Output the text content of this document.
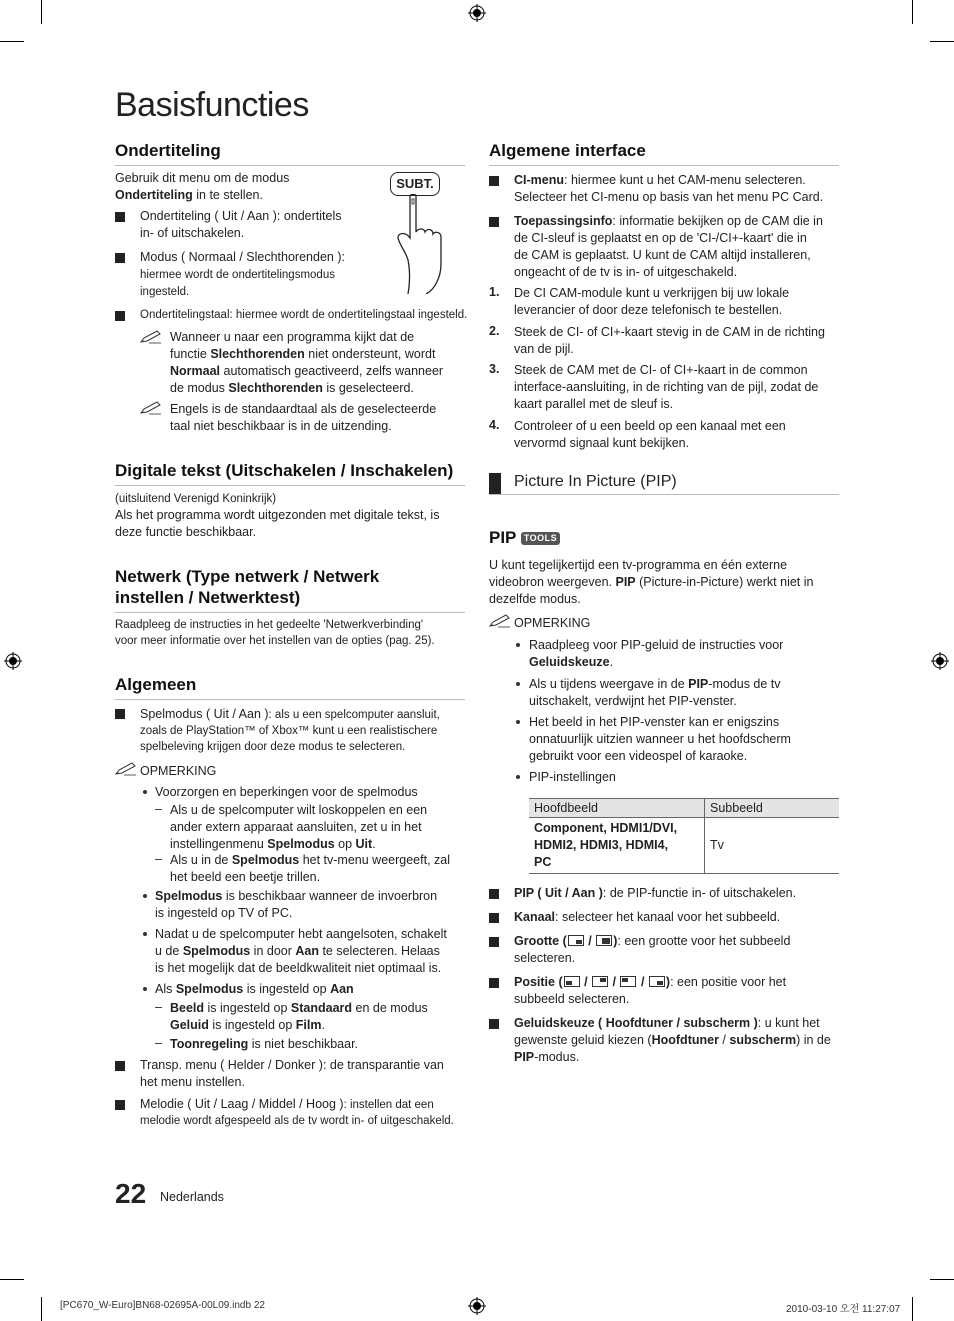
Basisfuncties
Ondertiteling

Gebruik dit menu om de modus
Ondertiteling in te stellen.

SUBT.

Ondertiteling ( Uit / Aan ): ondertitels
in- of uitschakelen.

Modus ( Normaal / Slechthorenden ):
hiermee wordt de ondertitelingsmodus
ingesteld.

Ondertitelingstaal: hiermee wordt de ondertitelingstaal ingesteld.

Wanneer u naar een programma kijkt dat de
functie Slechthorenden niet ondersteunt, wordt
Normaal automatisch geactiveerd, zelfs wanneer
de modus Slechthorenden is geselecteerd.

Engels is de standaardtaal als de geselecteerde
taal niet beschikbaar is in de uitzending.

Digitale tekst (Uitschakelen / Inschakelen)

(uitsluitend Verenigd Koninkrijk)
Als het programma wordt uitgezonden met digitale tekst, is
deze functie beschikbaar.

Netwerk (Type netwerk / Netwerk
instellen / Netwerktest)

Raadpleeg de instructies in het gedeelte 'Netwerkverbinding'
voor meer informatie over het instellen van de opties (pag. 25).

Algemeen

Spelmodus ( Uit / Aan ): als u een spelcomputer aansluit,
zoals de PlayStation™ of Xbox™ kunt u een realistischere
spelbeleving krijgen door deze modus te selecteren.

OPMERKING

Voorzorgen en beperkingen voor de spelmodus

– Als u de spelcomputer wilt loskoppelen en een
ander extern apparaat aansluiten, zet u in het
instellingenmenu Spelmodus op Uit.

– Als u in de Spelmodus het tv-menu weergeeft, zal
het beeld een beetje trillen.

Spelmodus is beschikbaar wanneer de invoerbron
is ingesteld op TV of PC.

Nadat u de spelcomputer hebt aangelsoten, schakelt
u de Spelmodus in door Aan te selecteren. Helaas
is het mogelijk dat de beeldkwaliteit niet optimaal is.

Als Spelmodus is ingesteld op Aan

– Beeld is ingesteld op Standaard en de modus
Geluid is ingesteld op Film.

– Toonregeling is niet beschikbaar.

Transp. menu ( Helder / Donker ): de transparantie van
het menu instellen.

Melodie ( Uit / Laag / Middel / Hoog ): instellen dat een
melodie wordt afgespeeld als de tv wordt in- of uitgeschakeld.

Algemene interface

CI-menu: hiermee kunt u het CAM-menu selecteren.
Selecteer het CI-menu op basis van het menu PC Card.

Toepassingsinfo: informatie bekijken op de CAM die in
de CI-sleuf is geplaatst en op de 'CI-/CI+-kaart' die in
de CAM is geplaatst. U kunt de CAM altijd installeren,
ongeacht of de tv is in- of uitgeschakeld.

1. De CI CAM-module kunt u verkrijgen bij uw lokale
leverancier of door deze telefonisch te bestellen.

2. Steek de CI- of CI+-kaart stevig in de CAM in de richting
van de pijl.

3. Steek de CAM met de CI- of CI+-kaart in de common
interface-aansluiting, in de richting van de pijl, zodat de
kaart parallel met de sleuf is.

4. Controleer of u een beeld op een kanaal met een
vervormd signaal kunt bekijken.

Picture In Picture (PIP)

PIP TOOLS

U kunt tegelijkertijd een tv-programma en één externe
videobron weergeven. PIP (Picture-in-Picture) werkt niet in
dezelfde modus.

OPMERKING

Raadpleeg voor PIP-geluid de instructies voor
Geluidskeuze.

Als u tijdens weergave in de PIP-modus de tv
uitschakelt, verdwijnt het PIP-venster.

Het beeld in het PIP-venster kan er enigszins
onnatuurlijk uitzien wanneer u het hoofdscherm
gebruikt voor een videospel of karaoke.

PIP-instellingen

Hoofdbeeld	Subbeeld
Component, HDMI1/DVI,
HDMI2, HDMI3, HDMI4,
PC	Tv

PIP ( Uit / Aan ): de PIP-functie in- of uitschakelen.

Kanaal: selecteer het kanaal voor het subbeeld.

Grootte (
/
): een grootte voor het subbeeld
selecteren.

Positie (
/
/
/
): een positie voor het
subbeeld selecteren.

Geluidskeuze ( Hoofdtuner / subscherm ): u kunt het
gewenste geluid kiezen (Hoofdtuner / subscherm) in de
PIP-modus.

22 Nederlands
[PC670_W-Euro]BN68-02695A-00L09.indb 22	2010-03-10 오전 11:27:07
